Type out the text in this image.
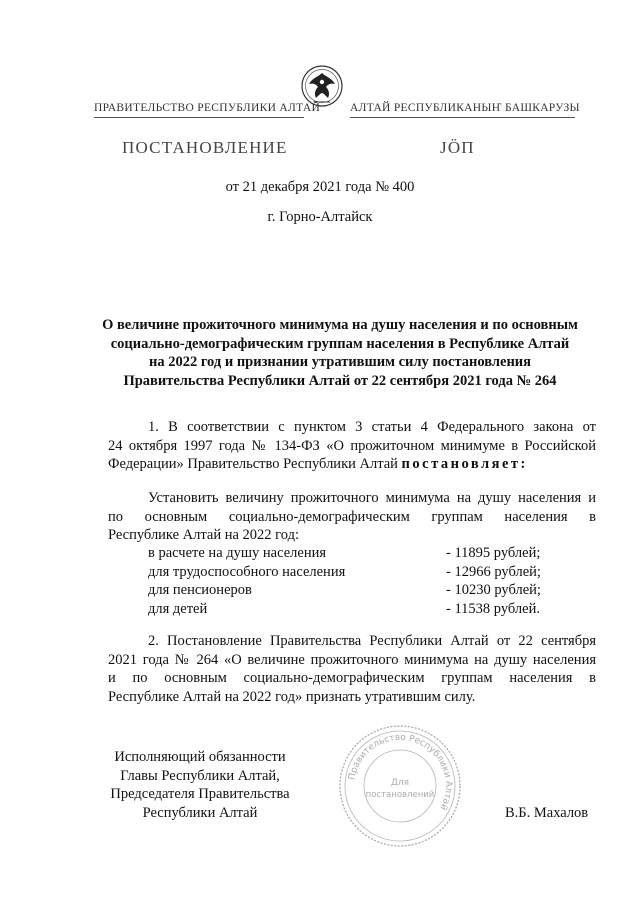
ПРАВИТЕЛЬСТВО РЕСПУБЛИКИ АЛТАЙ	АЛТАЙ РЕСПУБЛИКАНЫҤ БАШКАРУЗЫ
ПОСТАНОВЛЕНИЕ	JÖП
от 21 декабря 2021 года № 400
г. Горно-Алтайск
О величине прожиточного минимума на душу населения и по основным
социально-демографическим группам населения в Республике Алтай
на 2022 год и признании утратившим силу постановления
Правительства Республики Алтай от 22 сентября 2021 года № 264
1. В соответствии с пунктом 3 статьи 4 Федерального закона от
24 октября 1997 года № 134-ФЗ «О прожиточном минимуме в Российской
Федерации» Правительство Республики Алтай постановляет:
Установить величину прожиточного минимума на душу населения и
по основным социально-демографическим группам населения в
Республике Алтай на 2022 год:
в расчете на душу населения	- 11895 рублей;
для трудоспособного населения	- 12966 рублей;
для пенсионеров	- 10230 рублей;
для детей	- 11538 рублей.
2. Постановление Правительства Республики Алтай от 22 сентября
2021 года № 264 «О величине прожиточного минимума на душу населения
и по основным социально-демографическим группам населения в
Республике Алтай на 2022 год» признать утратившим силу.
Исполняющий обязанности
Главы Республики Алтай,
Председателя Правительства
Республики Алтай	В.Б. Махалов
Правительство Республики Алтай
Для
постановлений
